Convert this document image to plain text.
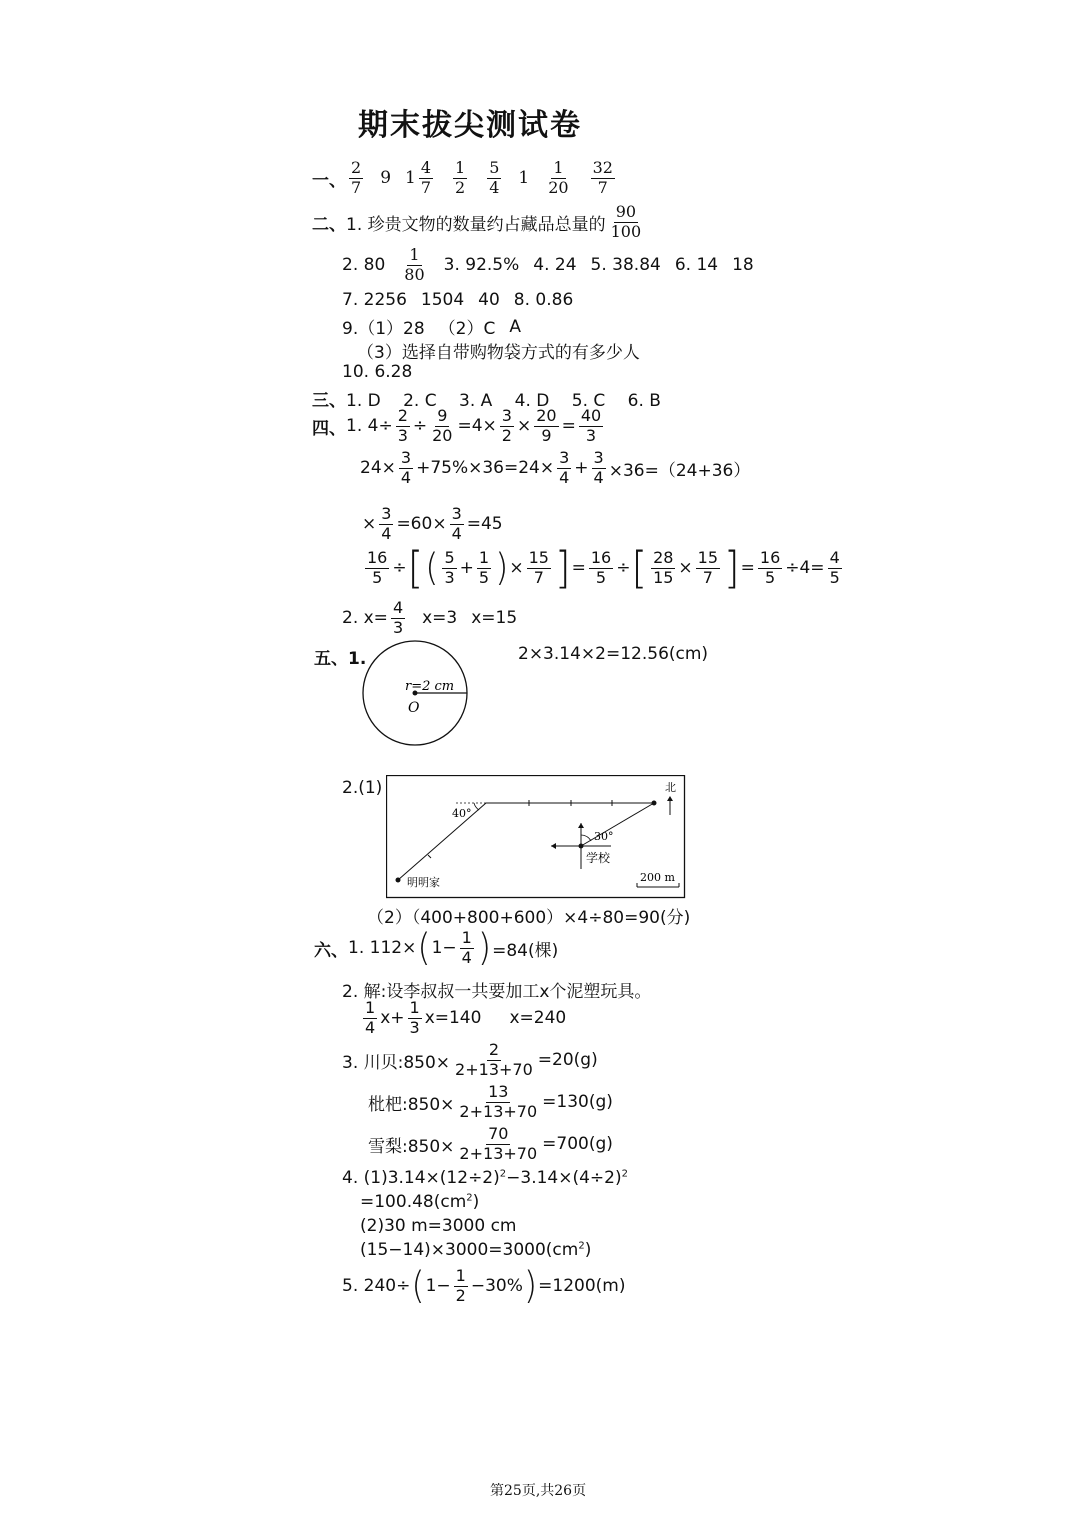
期末拔尖测试卷
一、 $\frac{2}{7} 9$ $1 \frac{4}{7} \frac{1}{2} \frac{5}{4} 1 \frac{1}{20} \frac{32}{7}$
二、 1. 珍贵文物的数量约占藏品总量的 $\frac{90}{100}$
2. $80 \frac{1}{80} 3$. 92.5% 4. 24 5. 38.84 6. 14 18
7. 2256 1504 40 8. 0.86
9.（1）28 （2）C A
（3）选择自带购物袋方式的有多少人
10. 6.28
三、 1. D　 2. C　 3. A　 4. D　 5. C　 6. B
四、 1. $4\div \frac{2}{3} \div \frac{9}{20} =4\times \frac{3}{2} \times \frac{20}{9} = \frac{40}{3}$
$24\times \frac{3}{4} +75\%\times 36=24\times \frac{3}{4} + \frac{3}{4} \times 36=(24+36)$
× $\frac{3}{4} =60\times \frac{3}{4} =45$
$\frac{16}{5}$ ÷ [ ( $\frac{5}{3} + \frac{1}{5}$ ) × $\frac{15}{7}$ ] = $\frac{16}{5}$ ÷ [ $\frac{28}{15} \times \frac{15}{7}$ ] = $\frac{16}{5} \div 4= \frac{4}{5}$
2. $x= \frac{4}{3} x=3$ x=15
五、1.
r=2 cm
O
2×3.14×2=12.56(cm)
2.(1)
40°
30°
学校
北
明明家	200 m
（2）（400+800+600）×4÷80=90(分)
六、 1. 112× ( $1- \frac{1}{4}$ ) =84(棵)
2. 解:设李叔叔一共要加工x个泥塑玩具。
$\frac{1}{4} x+ \frac{1}{3} x=140$ x=240
3. 川贝:850× $\frac{2}{2+13+70} =20(g)$
枇杷:850× $\frac{13}{2+13+70} =130(g)$
雪梨:850× $\frac{70}{2+13+70} =700(g)$
4. $(1)3.14\times(12\div 2)^2-3.14\times(4\div 2)^2$
$=100.48(cm^2)$
(2)30 m=3000 cm
$(15-14)\times 3000=3000(cm^2)$
5. 240÷ ( $1- \frac{1}{2} -30\%$ ) =1200(m)
第25页,共26页
